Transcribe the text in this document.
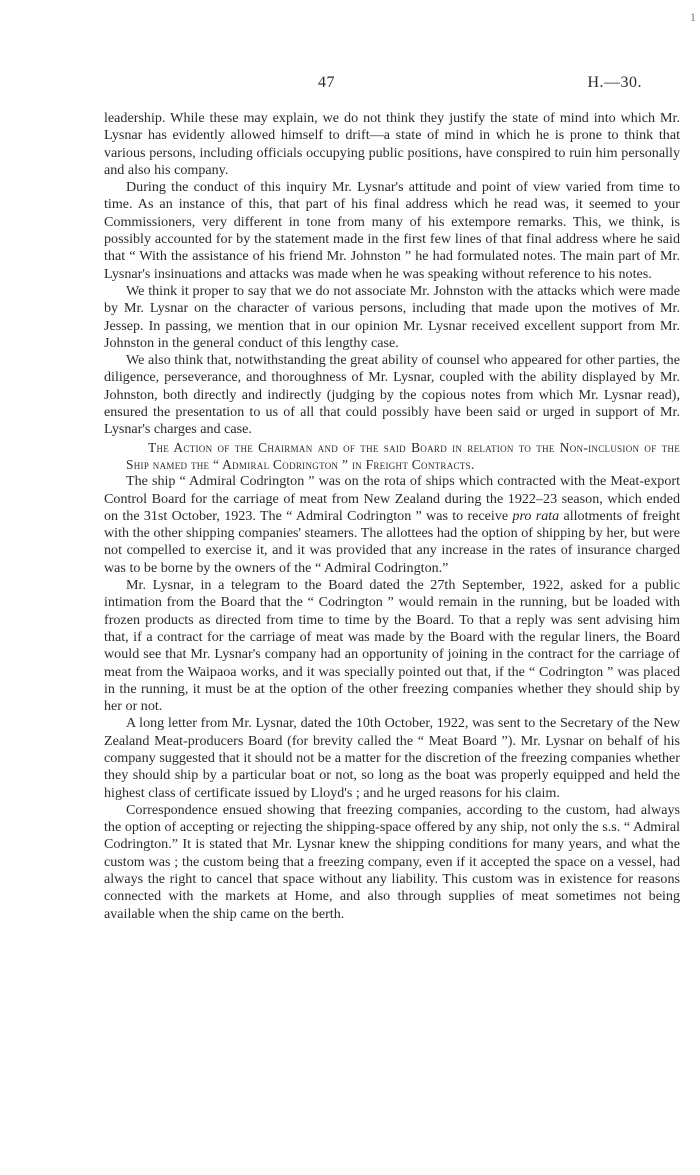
1
47	H.—30.

leadership. While these may explain, we do not think they justify the state of mind into which Mr. Lysnar has evidently allowed himself to drift—a state of mind in which he is prone to think that various persons, including officials occupying public positions, have conspired to ruin him personally and also his company.

During the conduct of this inquiry Mr. Lysnar's attitude and point of view varied from time to time. As an instance of this, that part of his final address which he read was, it seemed to your Commissioners, very different in tone from many of his extempore remarks. This, we think, is possibly accounted for by the statement made in the first few lines of that final address where he said that “ With the assistance of his friend Mr. Johnston ” he had formulated notes. The main part of Mr. Lysnar's insinuations and attacks was made when he was speaking without reference to his notes.

We think it proper to say that we do not associate Mr. Johnston with the attacks which were made by Mr. Lysnar on the character of various persons, including that made upon the motives of Mr. Jessep. In passing, we mention that in our opinion Mr. Lysnar received excellent support from Mr. Johnston in the general conduct of this lengthy case.

We also think that, notwithstanding the great ability of counsel who appeared for other parties, the diligence, perseverance, and thoroughness of Mr. Lysnar, coupled with the ability displayed by Mr. Johnston, both directly and indirectly (judging by the copious notes from which Mr. Lysnar read), ensured the presentation to us of all that could possibly have been said or urged in support of Mr. Lysnar's charges and case.

The Action of the Chairman and of the said Board in relation to the Non-inclusion of the Ship named the “ Admiral Codrington ” in Freight Contracts.

The ship “ Admiral Codrington ” was on the rota of ships which contracted with the Meat-export Control Board for the carriage of meat from New Zealand during the 1922–23 season, which ended on the 31st October, 1923. The “ Admiral Codrington ” was to receive pro rata allotments of freight with the other shipping companies' steamers. The allottees had the option of shipping by her, but were not compelled to exercise it, and it was provided that any increase in the rates of insurance charged was to be borne by the owners of the “ Admiral Codrington.”

Mr. Lysnar, in a telegram to the Board dated the 27th September, 1922, asked for a public intimation from the Board that the “ Codrington ” would remain in the running, but be loaded with frozen products as directed from time to time by the Board. To that a reply was sent advising him that, if a contract for the carriage of meat was made by the Board with the regular liners, the Board would see that Mr. Lysnar's company had an opportunity of joining in the contract for the carriage of meat from the Waipaoa works, and it was specially pointed out that, if the “ Codrington ” was placed in the running, it must be at the option of the other freezing companies whether they should ship by her or not.

A long letter from Mr. Lysnar, dated the 10th October, 1922, was sent to the Secretary of the New Zealand Meat-producers Board (for brevity called the “ Meat Board ”). Mr. Lysnar on behalf of his company suggested that it should not be a matter for the discretion of the freezing companies whether they should ship by a particular boat or not, so long as the boat was properly equipped and held the highest class of certificate issued by Lloyd's ; and he urged reasons for his claim.

Correspondence ensued showing that freezing companies, according to the custom, had always the option of accepting or rejecting the shipping-space offered by any ship, not only the s.s. “ Admiral Codrington.” It is stated that Mr. Lysnar knew the shipping conditions for many years, and what the custom was ; the custom being that a freezing company, even if it accepted the space on a vessel, had always the right to cancel that space without any liability. This custom was in existence for reasons connected with the markets at Home, and also through supplies of meat sometimes not being available when the ship came on the berth.
